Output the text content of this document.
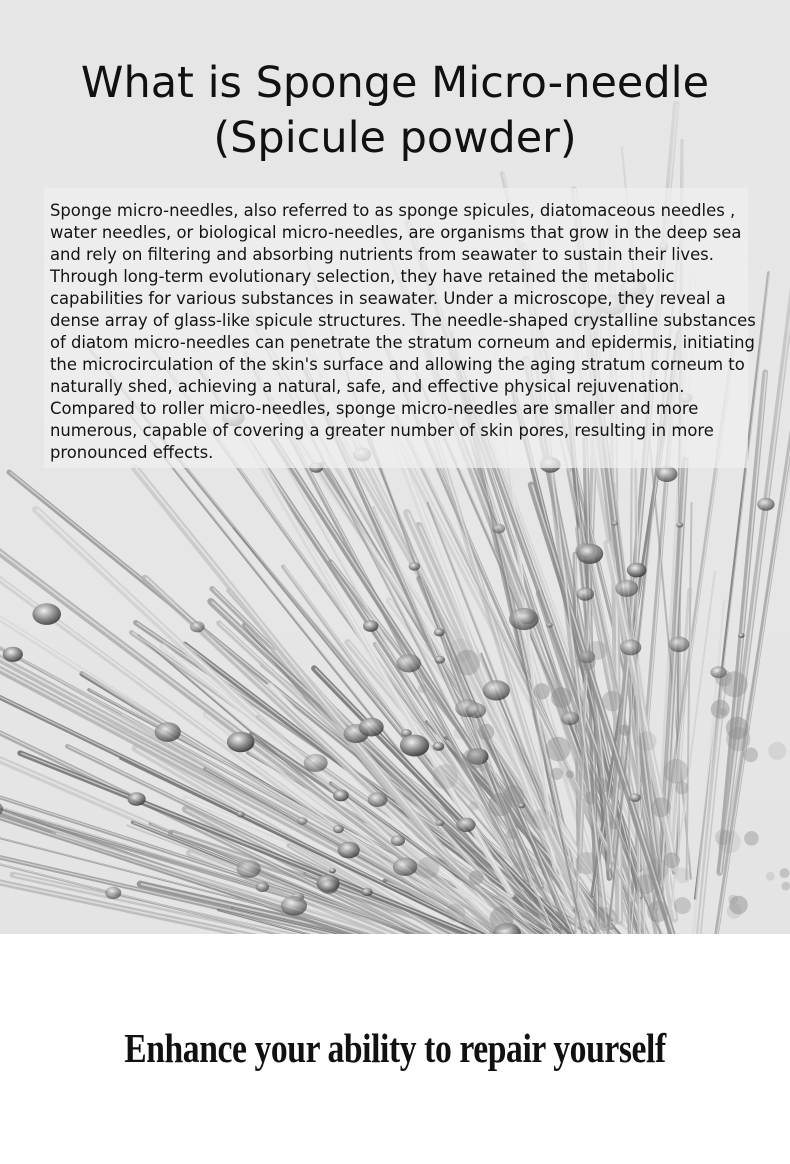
What is Sponge Micro-needle
(Spicule powder)

Sponge micro-needles, also referred to as sponge spicules, diatomaceous needles , water needles, or biological micro-needles, are organisms that grow in the deep sea and rely on filtering and absorbing nutrients from seawater to sustain their lives. Through long-term evolutionary selection, they have retained the metabolic capabilities for various substances in seawater. Under a microscope, they reveal a dense array of glass-like spicule structures. The needle-shaped crystalline substances of diatom micro-needles can penetrate the stratum corneum and epidermis, initiating the microcirculation of the skin's surface and allowing the aging stratum corneum to naturally shed, achieving a natural, safe, and effective physical rejuvenation. Compared to roller micro-needles, sponge micro-needles are smaller and more numerous, capable of covering a greater number of skin pores, resulting in more pronounced effects.

Enhance your ability to repair yourself
